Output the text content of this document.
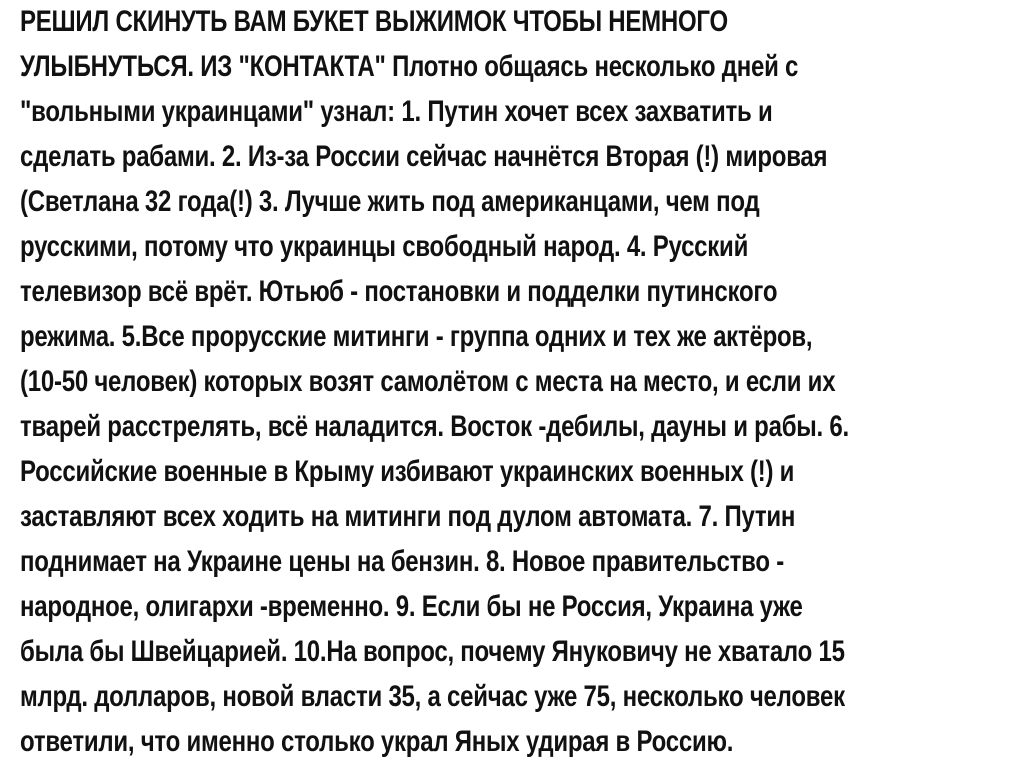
РЕШИЛ СКИНУТЬ ВАМ БУКЕТ ВЫЖИМОК ЧТОБЫ НЕМНОГО

УЛЫБНУТЬСЯ. ИЗ "КОНТАКТА" Плотно общаясь несколько дней с

"вольными украинцами" узнал: 1. Путин хочет всех захватить и

сделать рабами. 2. Из-за России сейчас начнётся Вторая (!) мировая

(Светлана 32 года(!) 3. Лучше жить под американцами, чем под

русскими, потому что украинцы свободный народ. 4. Русский

телевизор всё врёт. Ютьюб - постановки и подделки путинского

режима. 5.Все прорусские митинги - группа одних и тех же актёров,

(10-50 человек) которых возят самолётом с места на место, и если их

тварей расстрелять, всё наладится. Восток -дебилы, дауны и рабы. 6.

Российские военные в Крыму избивают украинских военных (!) и

заставляют всех ходить на митинги под дулом автомата. 7. Путин

поднимает на Украине цены на бензин. 8. Новое правительство -

народное, олигархи -временно. 9. Если бы не Россия, Украина уже

была бы Швейцарией. 10.На вопрос, почему Януковичу не хватало 15

млрд. долларов, новой власти 35, а сейчас уже 75, несколько человек

ответили, что именно столько украл Яных удирая в Россию.
